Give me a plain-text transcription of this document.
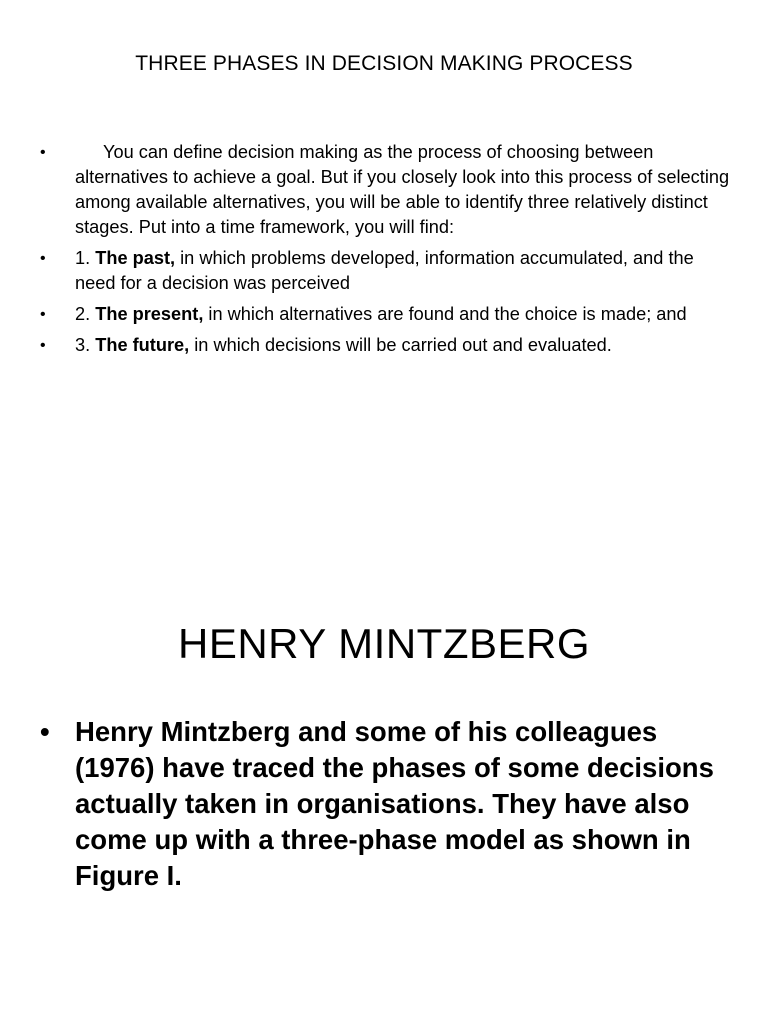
THREE PHASES IN DECISION MAKING PROCESS
•	You can define decision making as the process of choosing between alternatives to achieve a goal. But if you closely look into this process of selecting among available alternatives, you will be able to identify three relatively distinct stages. Put into a time framework, you will find:
• 1. The past, in which problems developed, information accumulated, and the need for a decision was perceived
• 2. The present, in which alternatives are found and the choice is made; and
• 3. The future, in which decisions will be carried out and evaluated.
HENRY MINTZBERG
• Henry Mintzberg and some of his colleagues (1976) have traced the phases of some decisions actually taken in organisations. They have also come up with a three-phase model as shown in Figure I.
